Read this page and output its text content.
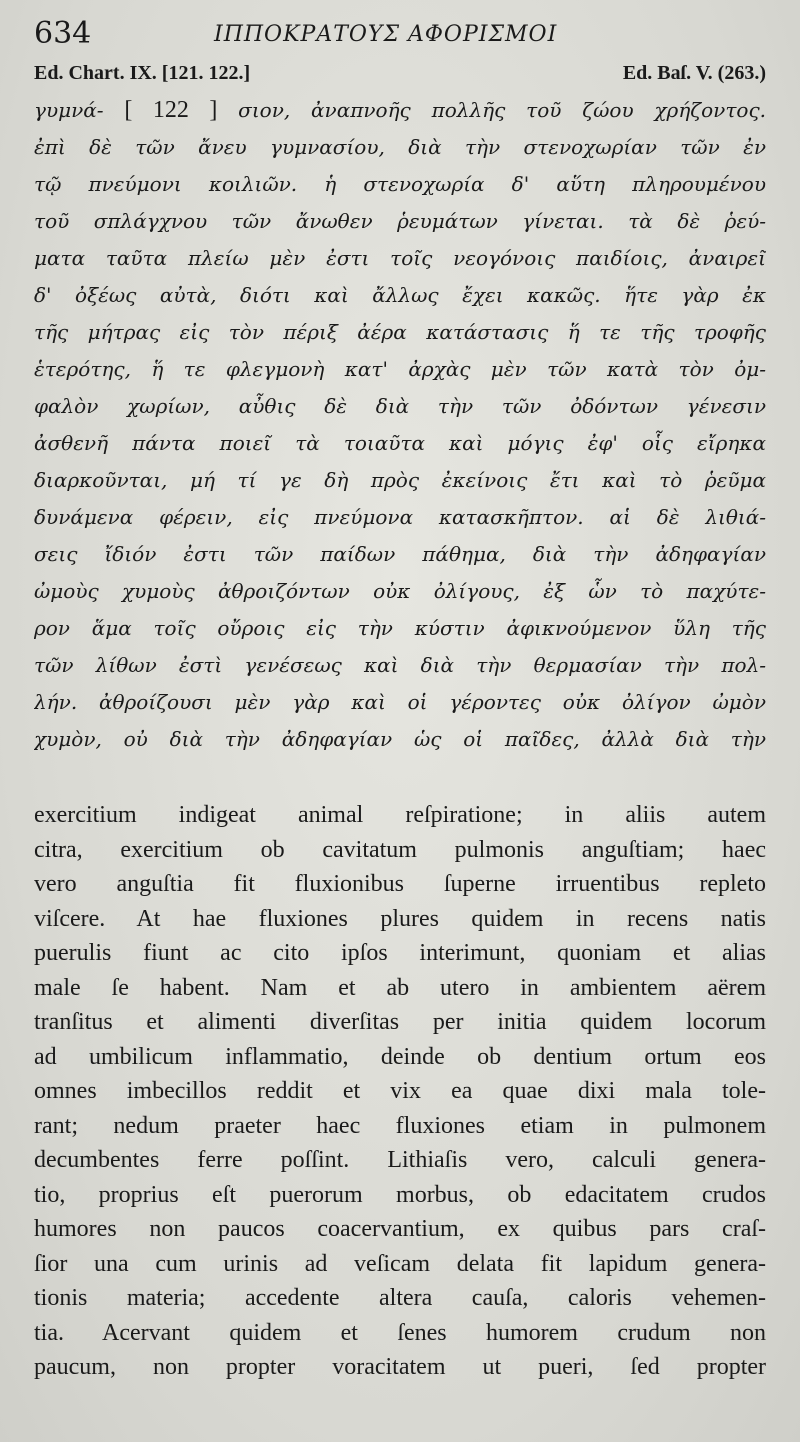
634	ΙΠΠΟΚΡΑΤΟΥΣ ΑΦΟΡΙΣΜΟΙ
Ed. Chart. IX. [121. 122.]	Ed. Baſ. V. (263.)
γυμνά- [ 122 ] σιον, ἀναπνοῆς πολλῆς τοῦ ζώου χρήζοντος.
ἐπὶ δὲ τῶν ἄνευ γυμνασίου, διὰ τὴν στενοχωρίαν τῶν ἐν
τῷ πνεύμονι κοιλιῶν. ἡ στενοχωρία δ' αὕτη πληρουμένου
τοῦ σπλάγχνου τῶν ἄνωθεν ῥευμάτων γίνεται. τὰ δὲ ῥεύ-
ματα ταῦτα πλείω μὲν ἐστι τοῖς νεογόνοις παιδίοις, ἀναιρεῖ
δ' ὀξέως αὐτὰ, διότι καὶ ἄλλως ἔχει κακῶς. ἥτε γὰρ ἐκ
τῆς μήτρας εἰς τὸν πέριξ ἀέρα κατάστασις ἥ τε τῆς τροφῆς
ἑτερότης, ἥ τε φλεγμονὴ κατ' ἀρχὰς μὲν τῶν κατὰ τὸν ὀμ-
φαλὸν χωρίων, αὖθις δὲ διὰ τὴν τῶν ὀδόντων γένεσιν
ἀσθενῆ πάντα ποιεῖ τὰ τοιαῦτα καὶ μόγις ἐφ' οἷς εἴρηκα
διαρκοῦνται, μή τί γε δὴ πρὸς ἐκείνοις ἔτι καὶ τὸ ῥεῦμα
δυνάμενα φέρειν, εἰς πνεύμονα κατασκῆπτον. αἱ δὲ λιθιά-
σεις ἴδιόν ἐστι τῶν παίδων πάθημα, διὰ τὴν ἀδηφαγίαν
ὠμοὺς χυμοὺς ἀθροιζόντων οὐκ ὀλίγους, ἐξ ὧν τὸ παχύτε-
ρον ἅμα τοῖς οὔροις εἰς τὴν κύστιν ἀφικνούμενον ὕλη τῆς
τῶν λίθων ἐστὶ γενέσεως καὶ διὰ τὴν θερμασίαν τὴν πολ-
λήν. ἀθροίζουσι μὲν γὰρ καὶ οἱ γέροντες οὐκ ὀλίγον ὠμὸν
χυμὸν, οὐ διὰ τὴν ἀδηφαγίαν ὡς οἱ παῖδες, ἀλλὰ διὰ τὴν
exercitium indigeat animal reſpiratione; in aliis autem
citra, exercitium ob cavitatum pulmonis anguſtiam; haec
vero anguſtia fit fluxionibus ſuperne irruentibus repleto
viſcere. At hae fluxiones plures quidem in recens natis
puerulis fiunt ac cito ipſos interimunt, quoniam et alias
male ſe habent. Nam et ab utero in ambientem aërem
tranſitus et alimenti diverſitas per initia quidem locorum
ad umbilicum inflammatio, deinde ob dentium ortum eos
omnes imbecillos reddit et vix ea quae dixi mala tole-
rant; nedum praeter haec fluxiones etiam in pulmonem
decumbentes ferre poſſint. Lithiaſis vero, calculi genera-
tio, proprius eſt puerorum morbus, ob edacitatem crudos
humores non paucos coacervantium, ex quibus pars craſ-
ſior una cum urinis ad veſicam delata fit lapidum genera-
tionis materia; accedente altera cauſa, caloris vehemen-
tia. Acervant quidem et ſenes humorem crudum non
paucum, non propter voracitatem ut pueri, ſed propter
